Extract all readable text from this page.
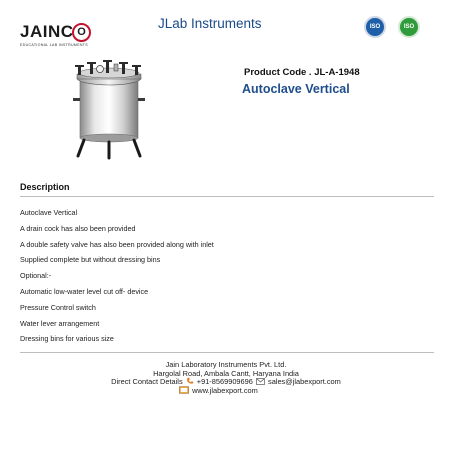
JAINC O
EDUCATIONAL LAB INSTRUMENTS
JLab Instruments	ISO	ISO
Product Code . JL-A-1948
Autoclave Vertical
Description
Autoclave Vertical
A drain cock has also been provided
A double safety valve has also been provided along with inlet
Supplied complete but without dressing bins
Optional:-
Automatic low-water level cut off- device
Pressure Control switch
Water lever arrangement
Dressing bins for various size
Jain Laboratory Instruments Pvt. Ltd.
Hargolal Road, Ambala Cantt, Haryana India
Direct Contact Details +91-8569909696 sales@jlabexport.com
www.jlabexport.com
